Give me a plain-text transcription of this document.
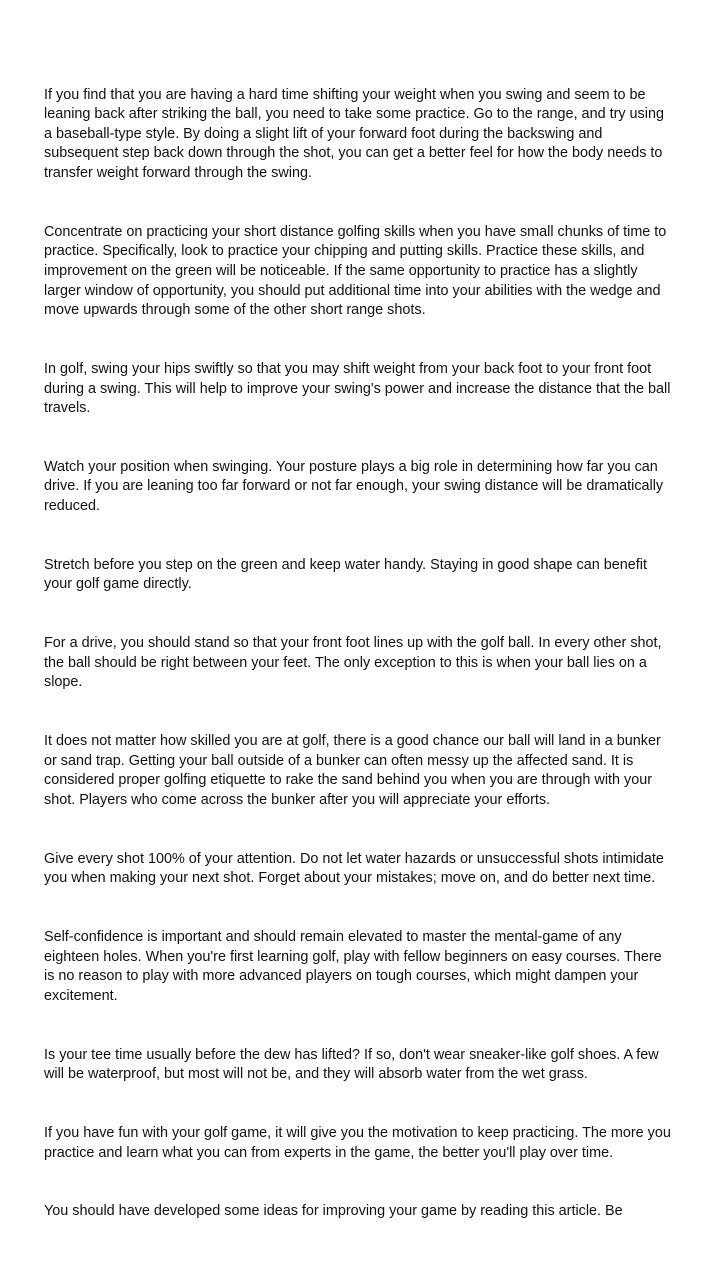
If you find that you are having a hard time shifting your weight when you swing and seem to be
leaning back after striking the ball, you need to take some practice. Go to the range, and try using
a baseball-type style. By doing a slight lift of your forward foot during the backswing and
subsequent step back down through the shot, you can get a better feel for how the body needs to
transfer weight forward through the swing.

Concentrate on practicing your short distance golfing skills when you have small chunks of time to
practice. Specifically, look to practice your chipping and putting skills. Practice these skills, and
improvement on the green will be noticeable. If the same opportunity to practice has a slightly
larger window of opportunity, you should put additional time into your abilities with the wedge and
move upwards through some of the other short range shots.

In golf, swing your hips swiftly so that you may shift weight from your back foot to your front foot
during a swing. This will help to improve your swing's power and increase the distance that the ball
travels.

Watch your position when swinging. Your posture plays a big role in determining how far you can
drive. If you are leaning too far forward or not far enough, your swing distance will be dramatically
reduced.

Stretch before you step on the green and keep water handy. Staying in good shape can benefit
your golf game directly.

For a drive, you should stand so that your front foot lines up with the golf ball. In every other shot,
the ball should be right between your feet. The only exception to this is when your ball lies on a
slope.

It does not matter how skilled you are at golf, there is a good chance our ball will land in a bunker
or sand trap. Getting your ball outside of a bunker can often messy up the affected sand. It is
considered proper golfing etiquette to rake the sand behind you when you are through with your
shot. Players who come across the bunker after you will appreciate your efforts.

Give every shot 100% of your attention. Do not let water hazards or unsuccessful shots intimidate
you when making your next shot. Forget about your mistakes; move on, and do better next time.

Self-confidence is important and should remain elevated to master the mental-game of any
eighteen holes. When you're first learning golf, play with fellow beginners on easy courses. There
is no reason to play with more advanced players on tough courses, which might dampen your
excitement.

Is your tee time usually before the dew has lifted? If so, don't wear sneaker-like golf shoes. A few
will be waterproof, but most will not be, and they will absorb water from the wet grass.

If you have fun with your golf game, it will give you the motivation to keep practicing. The more you
practice and learn what you can from experts in the game, the better you'll play over time.

You should have developed some ideas for improving your game by reading this article. Be
